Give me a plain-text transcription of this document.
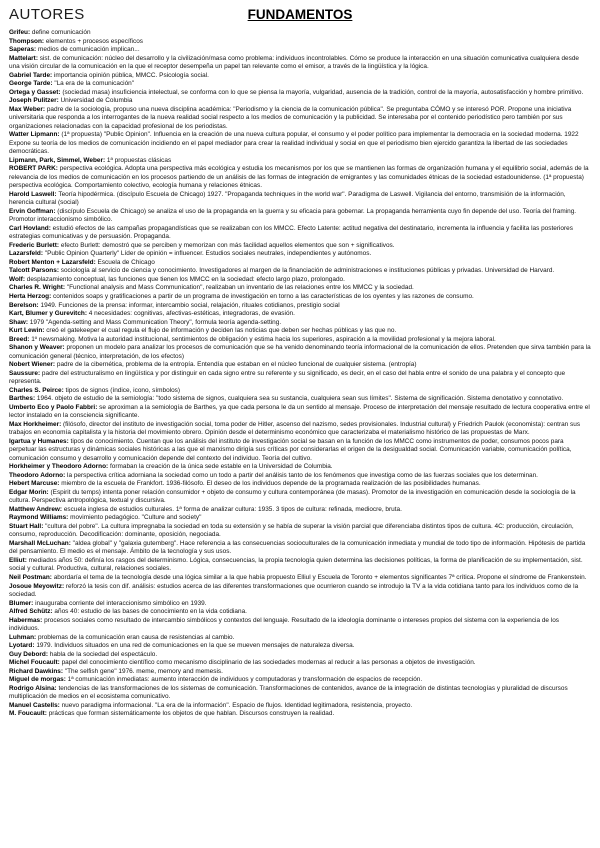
FUNDAMENTOS
AUTORES

Grifeu: define comunicación

Thompson: elementos + procesos específicos

Saperas: medios de comunicación implican...

Mattelart: sist. de comunicación: núcleo del desarrollo y la civilización/masa como problema: individuos incontrolables. Cómo se produce la interacción en una situación comunicativa cualquiera desde una visión circular de la comunicación en la que el receptor desempeña un papel tan relevante como el emisor, a través de la lingüística y la lógica.

Gabriel Tarde: importancia opinión pública, MMCC. Psicología social.

George Tarde: "La era de la comunicación"

Ortega y Gasset: (sociedad masa) insuficiencia intelectual, se conforma con lo que se piensa la mayoría, vulgaridad, ausencia de la tradición, control de la mayoría, autosatisfacción y hombre primitivo.

Joseph Pulitzer: Universidad de Columbia

Max Weber: padre de la sociología, propuso una nueva disciplina académica: "Periodismo y la ciencia de la comunicación pública". Se preguntaba CÓMO y se interesó POR. Propone una iniciativa universitaria que responda a los interrogantes de la nueva realidad social respecto a los medios de comunicación y la publicidad. Se interesaba por el contenido periodístico pero también por sus organizaciones relacionadas con la capacidad profesional de los periodistas.

Watter Lipmann: (1ª propuesta) "Public Opinion". Influencia en la creación de una nueva cultura popular, el consumo y el poder político para implementar la democracia en la sociedad moderna. 1922 Expone su teoría de los medios de comunicación incidiendo en el papel mediador para crear la realidad individual y social en que el periodismo bien ejercido garantiza la libertad de las sociedades democráticas.

Lipmann, Park, Simmel, Weber: 1ª propuestas clásicas

ROBERT PARK: perspectiva ecológica. Adopta una perspectiva más ecológica y estudia los mecanismos por los que se mantienen las formas de organización humana y el equilibrio social, además de la relevancia de los medios de comunicación en los procesos partiendo de un análisis de las formas de integración de emigrantes y las comunidades étnicas de la sociedad estadounidense. (1ª propuesta) perspectiva ecológica. Comportamiento colectivo, ecología humana y relaciones étnicas.

Harold Laswell: Teoría hipodérmica. (discípulo Escuela de Chicago) 1927. "Propaganda techniques in the world war". Paradigma de Laswell. Vigilancia del entorno, transmisión de la información, herencia cultural (social)

Ervin Goffman: (discípulo Escuela de Chicago) se analiza el uso de la propaganda en la guerra y su eficacia para gobernar. La propaganda herramienta cuyo fin depende del uso. Teoría del framing. Promotor interaccionismo simbólico.

Carl Hovland: estudió efectos de las campañas propagandísticas que se realizaban con los MMCC. Efecto Latente: actitud negativa del destinatario, incrementa la influencia y facilita las posteriores estrategias comunicativas y de persuasión. Propaganda.

Frederic Burlett: efecto Burlett: demostró que se perciben y memorizan con más facilidad aquellos elementos que son + significativos.

Lazarsfeld: "Public Opinion Quarterly" Líder de opinión = influencer. Estudios sociales neutrales, independientes y autónomos.

Robert Menton + Lazarsfeld: Escuela de Chicago

Talcott Parsons: sociología al servicio de ciencia y conocimiento. Investigadores al margen de la financiación de administraciones e instituciones públicas y privadas. Universidad de Harvard.

Wolf: desplazamiento conceptual, las funciones que tienen los MMCC en la sociedad: efecto largo plazo, prolongado.

Charles R. Wright: "Functional analysis and Mass Communication", realizaban un inventario de las relaciones entre los MMCC y la sociedad.

Herta Herzog: contenidos soaps y gratificaciones a partir de un programa de investigación en torno a las características de los oyentes y las razones de consumo.

Berelson: 1949. Funciones de la prensa: informar, intercambio social, relajación, rituales cotidianos, prestigio social

Kart, Blumer y Gurevitch: 4 necesidades: cognitivas, afectivas-estéticas, integradoras, de evasión.

Shaw: 1979 "Agenda-setting and Mass Communication Theory", formula teoría agenda-setting.

Kurt Lewin: creó el gatekeeper el cual regula el flujo de información y deciden las noticias que deben ser hechas públicas y las que no.

Breed: 1º newsmaking. Motiva la autoridad institucional, sentimientos de obligación y estima hacia los superiores, aspiración a la movilidad profesional y la mejora laboral.

Shanon y Weaver: proponen un modelo para analizar los procesos de comunicación que se ha venido denominando teoría informacional de la comunicación de ellos. Pretenden que sirva también para la comunicación general (técnico, interpretación, de los efectos)

Nobert Wiener: padre de la cibernética, problema de la entropía. Entendía que estaban en el núcleo funcional de cualquier sistema. (entropía)

Saussure: padre del estructuralismo en lingüística y por distinguir en cada signo entre su referente y su significado, es decir, en el caso del habla entre el sonido de una palabra y el concepto que representa.

Charles S. Peirce: tipos de signos (índice, icono, símbolos)

Barthes: 1964. objeto de estudio de la semiología: "todo sistema de signos, cualquiera sea su sustancia, cualquiera sean sus límites". Sistema de significación. Sistema denotativo y connotativo.

Umberto Eco y Paolo Fabbri: se aproximan a la semiología de Barthes, ya que cada persona le da un sentido al mensaje. Proceso de interpretación del mensaje resultado de lectura cooperativa entre el lector instalado en la consciencia significante.

Max Horkheimer: (filósofo, director del instituto de investigación social, toma poder de Hitler, ascenso del nazismo, sedes provisionales. Industrial cultural) y Friedrich Paulok (economista): centran sus trabajos en economía capitalista y la historia del movimiento obrero. Opinión desde el determinismo económico que caracterizaba el materialismo histórico de las propuestas de Marx.

Igartua y Humanes: tipos de conocimiento. Cuentan que los análisis del instituto de investigación social se basan en la función de los MMCC como instrumentos de poder, consumos pocos para perpetuar las estructuras y dinámicas sociales históricas a las que el marxismo dirigía sus críticas por considerarlas el origen de la desigualdad social. Comunicación variable, comunicación política, comunicación consumo y desarrollo y comunicación depende del contexto del individuo. Teoría del cultivo.

Horkheimer y Theodoro Adorno: formaban la creación de la única sede estable en la Universidad de Columbia.

Theodoro Adorno: la perspectiva crítica adorniana la sociedad como un todo a partir del análisis tanto de los fenómenos que investiga como de las fuerzas sociales que los determinan.

Hebert Marcuse: miembro de la escuela de Frankfort. 1936-filósofo. El deseo de los individuos depende de la programada realización de las posibilidades humanas.

Edgar Morin: (Espirit du temps) intenta poner relación consumidor + objeto de consumo y cultura contemporánea (de masas). Promotor de la investigación en comunicación desde la sociología de la cultura. Perspectiva antropológica, textual y discursiva.

Matthew Andrew: escuela inglesa de estudios culturales. 1ª forma de analizar cultura: 1935. 3 tipos de cultura: refinada, mediocre, bruta.

Raymond Williams: movimiento pedagógico. "Culture and society"

Stuart Hall: "cultura del pobre". La cultura impregnaba la sociedad en toda su extensión y se había de superar la visión parcial que diferenciaba distintos tipos de cultura. 4C: producción, circulación, consumo, reproducción. Decodificación: dominante, oposición, negociada.

Marshall McLuchan: "aldea global" y "galaxia gutemberg". Hace referencia a las consecuencias socioculturales de la comunicación inmediata y mundial de todo tipo de información. Hipótesis de partida del pensamiento. El medio es el mensaje. Ámbito de la tecnología y sus usos.

Elliut: mediados años 50: definía los rasgos del determinismo. Lógica, consecuencias, la propia tecnología quien determina las decisiones políticas, la forma de planificación de su implementación, sist. social y cultural. Productiva, cultural, relaciones sociales.

Neil Postman: abordaría el tema de la tecnología desde una lógica similar a la que había propuesto Elliul y Escuela de Toronto + elementos significantes 7ª crítica. Propone el síndrome de Frankenstein.

Josoue Meyowitz: reforzó la tesis con dif. análisis: estudios acerca de las diferentes transformaciones que ocurrieron cuando se introdujo la TV a la vida cotidiana tanto para los individuos como de la sociedad.

Blumer: inauguraba corriente del interaccionismo simbólico en 1939.

Alfred Schütz: años 40: estudio de las bases de conocimiento en la vida cotidiana.

Habermas: procesos sociales como resultado de intercambio simbólicos y contextos del lenguaje. Resultado de la ideología dominante o intereses propios del sistema con la experiencia de los individuos.

Luhman: problemas de la comunicación eran causa de resistencias al cambio.

Lyotard: 1979. Individuos situados en una red de comunicaciones en la que se mueven mensajes de naturaleza diversa.

Guy Debord: habla de la sociedad del espectáculo.

Michel Foucault: papel del conocimiento científico como mecanismo disciplinario de las sociedades modernas al reducir a las personas a objetos de investigación.

Richard Dawkins: "The selfish gene" 1976. meme, memory and memesis.

Miguel de morgas: 1ª comunicación inmediatas: aumento interacción de individuos y computadoras y transformación de espacios de recepción.

Rodrigo Alsina: tendencias de las transformaciones de los sistemas de comunicación. Transformaciones de contenidos, avance de la integración de distintas tecnologías y pluralidad de discursos multiplicación de medios en el ecosistema comunicativo.

Manuel Castells: nuevo paradigma informacional. "La era de la información". Espacio de flujos. Identidad legitimadora, resistencia, proyecto.

M. Foucault: prácticas que forman sistemáticamente los objetos de que hablan. Discursos construyen la realidad.
